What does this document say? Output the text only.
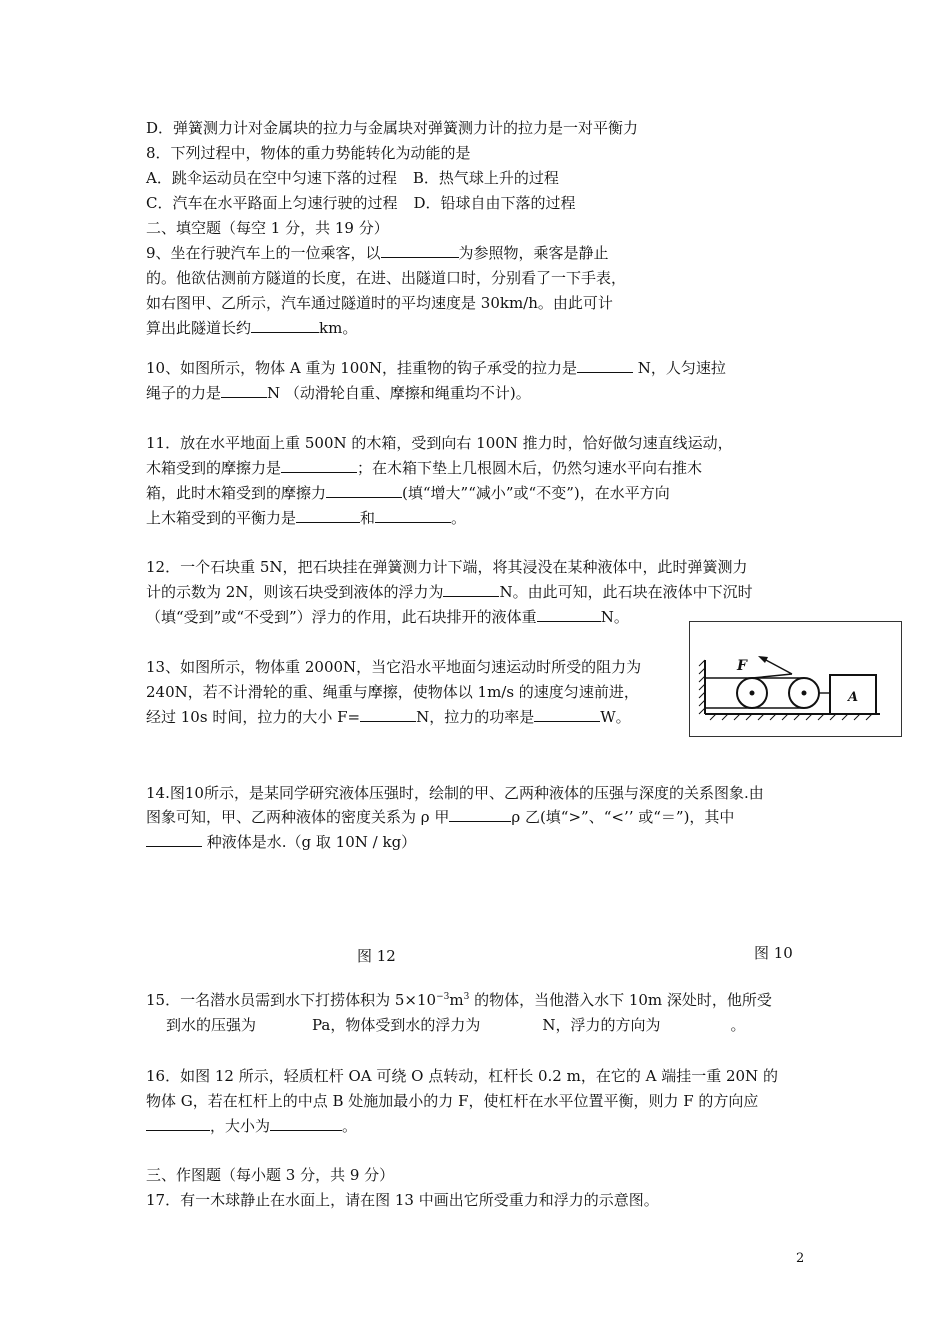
D．弹簧测力计对金属块的拉力与金属块对弹簧测力计的拉力是一对平衡力
8．下列过程中，物体的重力势能转化为动能的是
A．跳伞运动员在空中匀速下落的过程 B．热气球上升的过程
C．汽车在水平路面上匀速行驶的过程 D．铅球自由下落的过程
二、填空题（每空 1 分，共 19 分）
9、坐在行驶汽车上的一位乘客，以	为参照物，乘客是静止
的。他欲估测前方隧道的长度，在进、出隧道口时，分别看了一下手表，
如右图甲、乙所示，汽车通过隧道时的平均速度是 30km/h。由此可计
算出此隧道长约	km。
10、如图所示，物体 A 重为 100N，挂重物的钩子承受的拉力是	N，人匀速拉
绳子的力是	N （动滑轮自重、摩擦和绳重均不计)。
11．放在水平地面上重 500N 的木箱，受到向右 100N 推力时，恰好做匀速直线运动，
木箱受到的摩擦力是	；在木箱下垫上几根圆木后，仍然匀速水平向右推木
箱，此时木箱受到的摩擦力	(填“增大”“减小”或“不变”)，在水平方向
上木箱受到的平衡力是	和	。
12．一个石块重 5N，把石块挂在弹簧测力计下端，将其浸没在某种液体中，此时弹簧测力
计的示数为 2N，则该石块受到液体的浮力为	N。由此可知，此石块在液体中下沉时
（填“受到”或“不受到”）浮力的作用，此石块排开的液体重	N。
13、如图所示，物体重 2000N，当它沿水平地面匀速运动时所受的阻力为
240N，若不计滑轮的重、绳重与摩擦，使物体以 1m/s 的速度匀速前进，
经过 10s 时间，拉力的大小 F=	N，拉力的功率是	W。
F
A
14.图10所示，是某同学研究液体压强时，绘制的甲、乙两种液体的压强与深度的关系图象.由
图象可知，甲、乙两种液体的密度关系为 ρ 甲	ρ 乙(填“>”、“<’’ 或“＝”)，其中
种液体是水.（g 取 10N / kg）
图 12	图 10
15．一名潜水员需到水下打捞体积为 $5\times 10^{-3}m^3$ 的物体，当他潜入水下 10m 深处时，他所受
到水的压强为	Pa，物体受到水的浮力为	N，浮力的方向为	。
16．如图 12 所示，轻质杠杆 OA 可绕 O 点转动，杠杆长 0.2 m，在它的 A 端挂一重 20N 的
物体 G，若在杠杆上的中点 B 处施加最小的力 F，使杠杆在水平位置平衡，则力 F 的方向应
，大小为	。
三、作图题（每小题 3 分，共 9 分）
17．有一木球静止在水面上，请在图 13 中画出它所受重力和浮力的示意图。
2
